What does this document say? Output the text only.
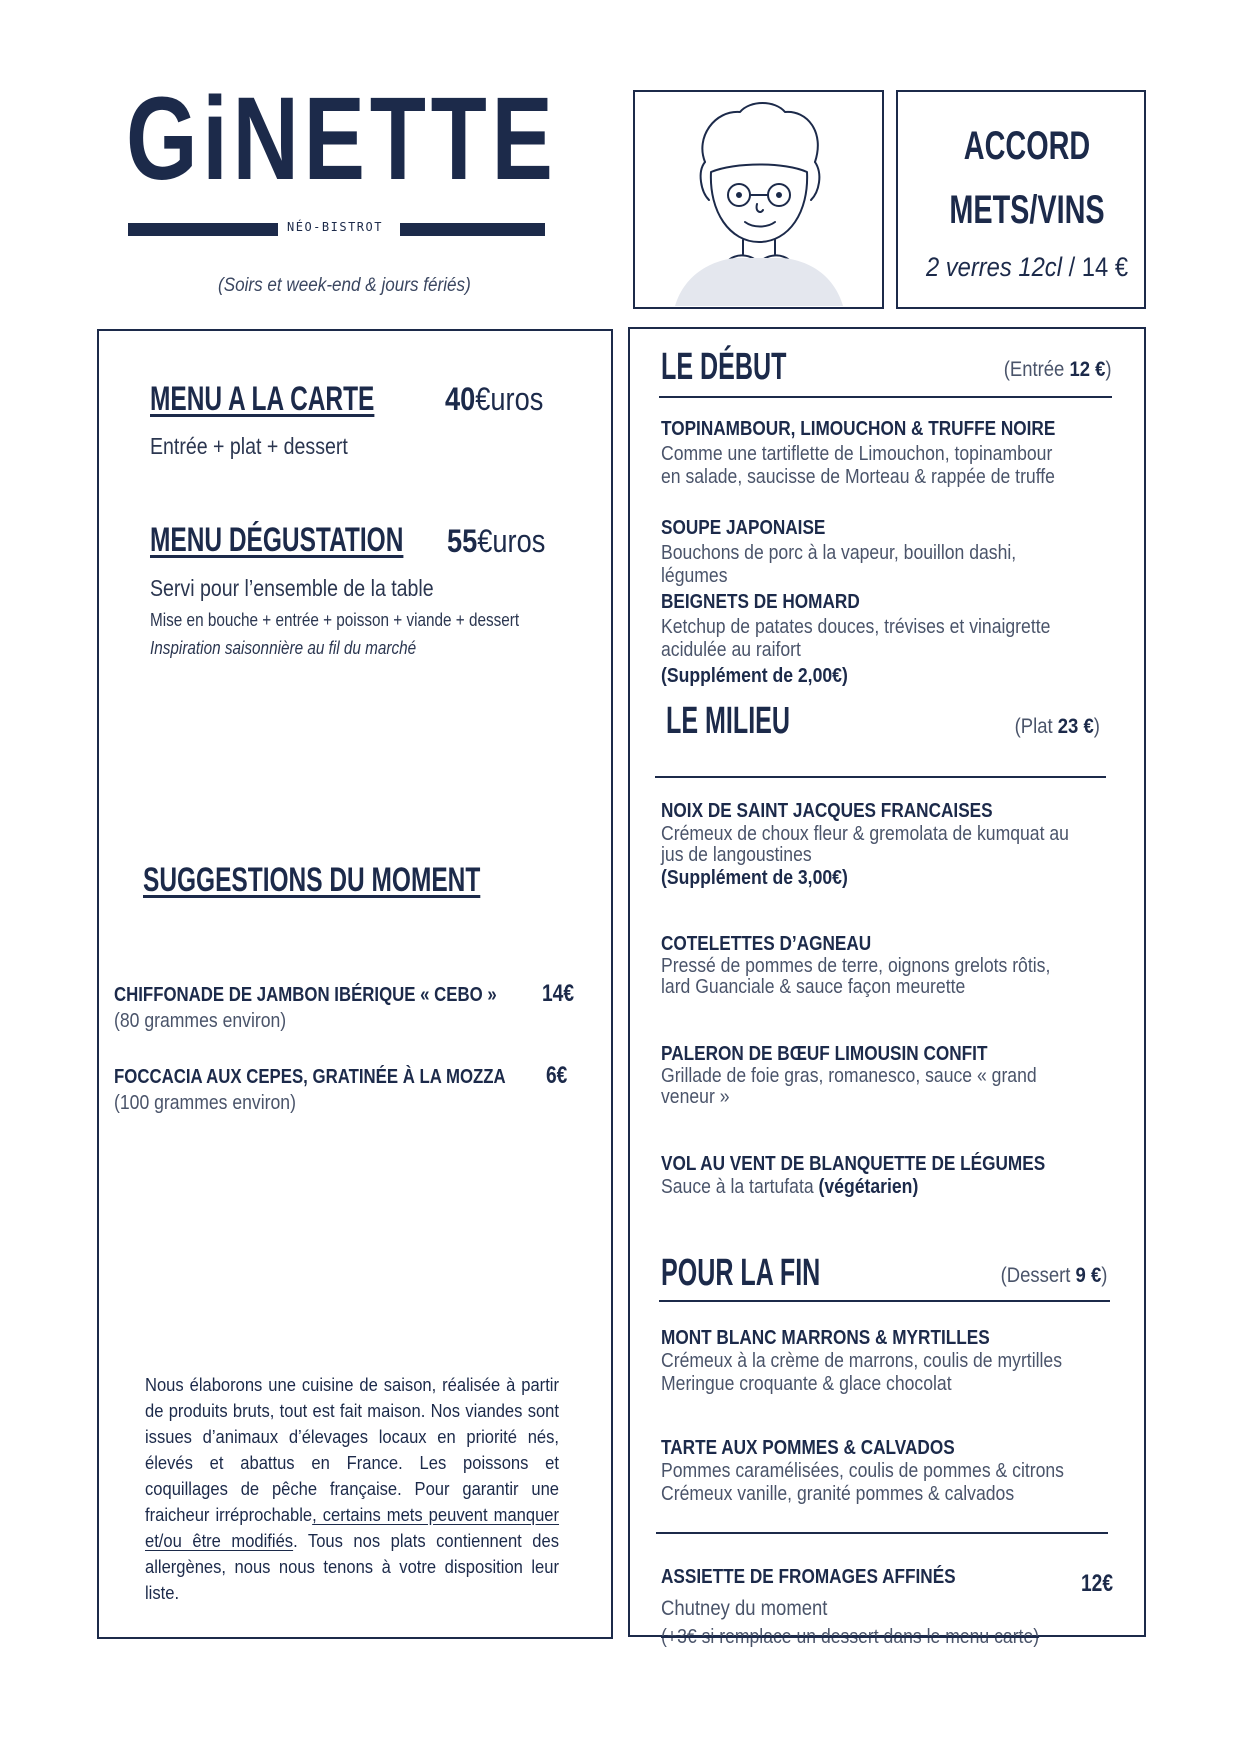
GiNETTE
NÉO-BISTROT
(Soirs et week-end & jours fériés)
ACCORD
METS/VINS
2 verres 12cl / 14 €
MENU A LA CARTE 40€uros
Entrée + plat + dessert
MENU DÉGUSTATION 55€uros
Servi pour l’ensemble de la table
Mise en bouche + entrée + poisson + viande + dessert
Inspiration saisonnière au fil du marché
SUGGESTIONS DU MOMENT
CHIFFONADE DE JAMBON IBÉRIQUE « CEBO » 14€
(80 grammes environ)
FOCCACIA AUX CEPES, GRATINÉE À LA MOZZA 6€
(100 grammes environ)
Nous élaborons une cuisine de saison, réalisée à partir de produits bruts, tout est fait maison. Nos viandes sont issues d’animaux d’élevages locaux en priorité nés, élevés et abattus en France. Les poissons et coquillages de pêche française. Pour garantir une fraicheur irréprochable, certains mets peuvent manquer et/ou être modifiés. Tous nos plats contiennent des allergènes, nous nous tenons à votre disposition leur liste.
LE DÉBUT	(Entrée 12 €)
TOPINAMBOUR, LIMOUCHON & TRUFFE NOIRE
Comme une tartiflette de Limouchon, topinambour en salade, saucisse de Morteau & rappée de truffe
SOUPE JAPONAISE
Bouchons de porc à la vapeur, bouillon dashi, légumes
BEIGNETS DE HOMARD
Ketchup de patates douces, trévises et vinaigrette acidulée au raifort
(Supplément de 2,00€)
LE MILIEU	(Plat 23 €)
NOIX DE SAINT JACQUES FRANCAISES
Crémeux de choux fleur & gremolata de kumquat au jus de langoustines
(Supplément de 3,00€)
COTELETTES D’AGNEAU
Pressé de pommes de terre, oignons grelots rôtis, lard Guanciale & sauce façon meurette
PALERON DE BŒUF LIMOUSIN CONFIT
Grillade de foie gras, romanesco, sauce « grand veneur »
VOL AU VENT DE BLANQUETTE DE LÉGUMES
Sauce à la tartufata (végétarien)
POUR LA FIN	(Dessert 9 €)
MONT BLANC MARRONS & MYRTILLES
Crémeux à la crème de marrons, coulis de myrtilles Meringue croquante & glace chocolat
TARTE AUX POMMES & CALVADOS
Pommes caramélisées, coulis de pommes & citrons Crémeux vanille, granité pommes & calvados
ASSIETTE DE FROMAGES AFFINÉS	12€
Chutney du moment
(+3€ si remplace un dessert dans le menu carte)
